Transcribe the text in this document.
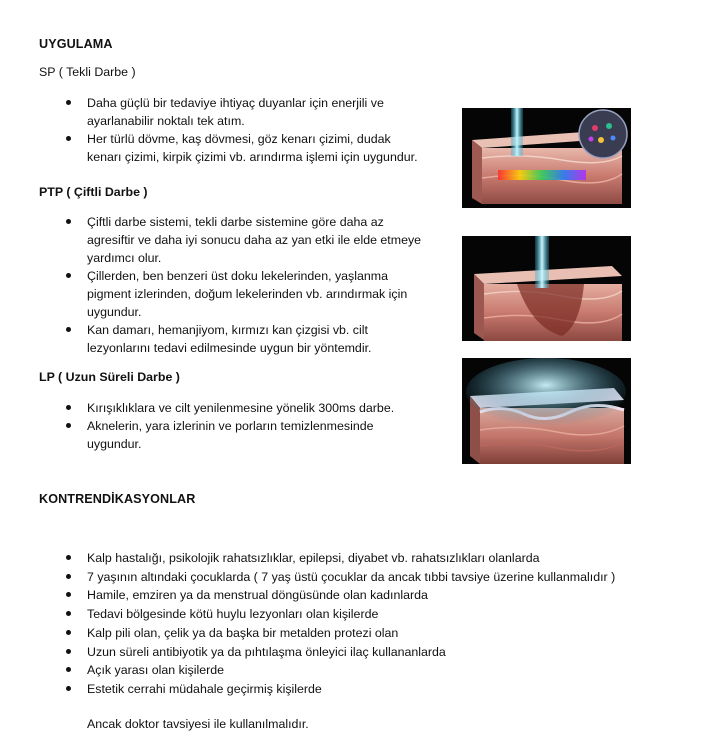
UYGULAMA
SP ( Tekli Darbe )
Daha güçlü bir tedaviye ihtiyaç duyanlar için enerjili ve ayarlanabilir noktalı tek atım.
Her türlü dövme, kaş dövmesi, göz kenarı çizimi, dudak kenarı çizimi, kirpik çizimi vb. arındırma işlemi için uygundur.
PTP ( Çiftli Darbe )
Çiftli darbe sistemi, tekli darbe sistemine göre daha az agresiftir ve daha iyi sonucu daha az yan etki ile elde etmeye yardımcı olur.
Çillerden, ben benzeri üst doku lekelerinden, yaşlanma pigment izlerinden, doğum lekelerinden vb. arındırmak için uygundur.
Kan damarı, hemanjiyom, kırmızı kan çizgisi vb. cilt lezyonlarını tedavi edilmesinde uygun bir yöntemdir.
LP ( Uzun Süreli Darbe )
Kırışıklıklara ve cilt yenilenmesine yönelik 300ms darbe.
Aknelerin, yara izlerinin ve porların temizlenmesinde uygundur.
KONTRENDİKASYONLAR
Kalp hastalığı, psikolojik rahatsızlıklar, epilepsi, diyabet vb. rahatsızlıkları olanlarda
7 yaşının altındaki çocuklarda ( 7 yaş üstü çocuklar da ancak tıbbi tavsiye üzerine kullanmalıdır )
Hamile, emziren ya da menstrual döngüsünde olan kadınlarda
Tedavi bölgesinde kötü huylu lezyonları olan kişilerde
Kalp pili olan, çelik ya da başka bir metalden protezi olan
Uzun süreli antibiyotik ya da pıhtılaşma önleyici ilaç kullananlarda
Açık yarası olan kişilerde
Estetik cerrahi müdahale geçirmiş kişilerde
Ancak doktor tavsiyesi ile kullanılmalıdır.
